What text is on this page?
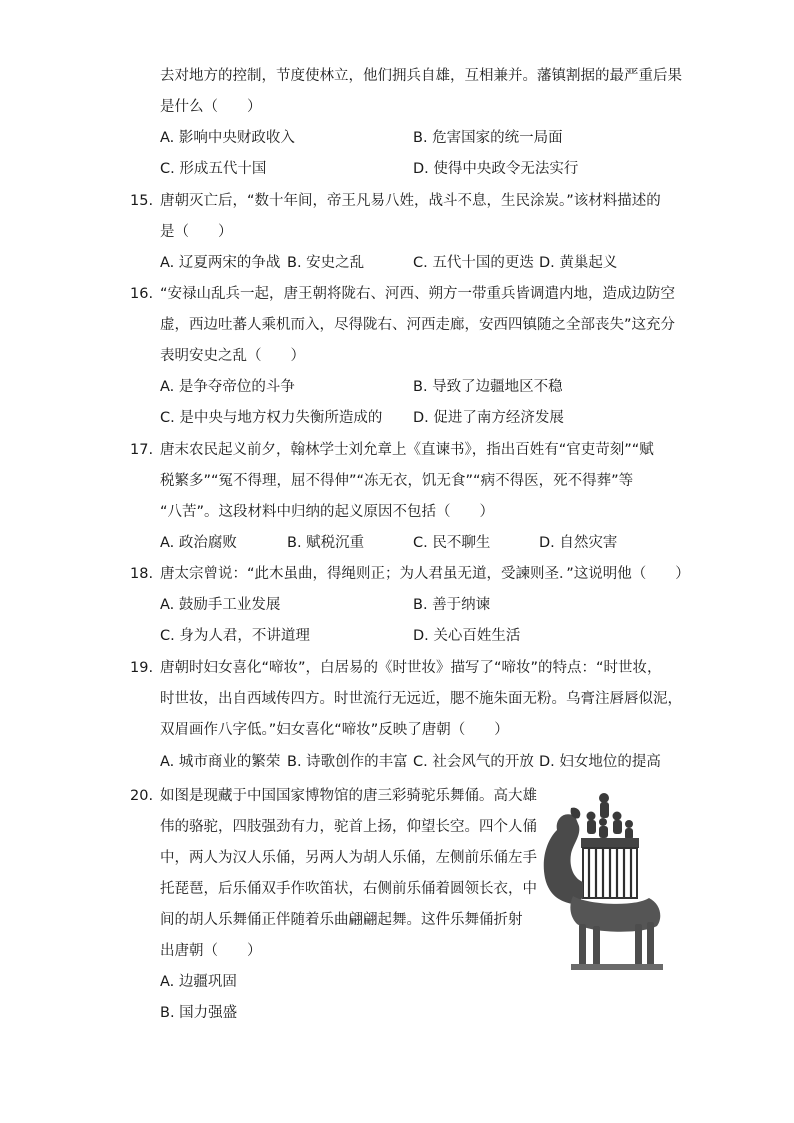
去对地方的控制，节度使林立，他们拥兵自雄，互相兼并。藩镇割据的最严重后果
是什么（　　）
A. 影响中央财政收入	B. 危害国家的统一局面
C. 形成五代十国	D. 使得中央政令无法实行
15. 唐朝灭亡后，“数十年间，帝王凡易八姓，战斗不息，生民涂炭。”该材料描述的
是（　　）
A. 辽夏两宋的争战 B. 安史之乱	C. 五代十国的更迭 D. 黄巢起义
16. “安禄山乱兵一起，唐王朝将陇右、河西、朔方一带重兵皆调遣内地，造成边防空
虚，西边吐蕃人乘机而入，尽得陇右、河西走廊，安西四镇随之全部丧失”这充分
表明安史之乱（　　）
A. 是争夺帝位的斗争	B. 导致了边疆地区不稳
C. 是中央与地方权力失衡所造成的 D. 促进了南方经济发展
17. 唐末农民起义前夕，翰林学士刘允章上《直谏书》，指出百姓有“官吏苛刻”“赋
税繁多”“冤不得理，屈不得伸”“冻无衣，饥无食”“病不得医，死不得葬”等
“八苦”。这段材料中归纳的起义原因不包括（　　）
A. 政治腐败	B. 赋税沉重	C. 民不聊生	D. 自然灾害
18. 唐太宗曾说：“此木虽曲，得绳则正；为人君虽无道，受諫则圣．”这说明他（　　）
A. 鼓励手工业发展	B. 善于纳谏
C. 身为人君，不讲道理	D. 关心百姓生活
19. 唐朝时妇女喜化“啼妆”，白居易的《时世妆》描写了“啼妆”的特点：“时世妆，
时世妆，出自西域传四方。时世流行无远近，腮不施朱面无粉。乌膏注唇唇似泥，
双眉画作八字低。”妇女喜化“啼妆”反映了唐朝（　　）
A. 城市商业的繁荣 B. 诗歌创作的丰富 C. 社会风气的开放 D. 妇女地位的提高
20. 如图是现藏于中国国家博物馆的唐三彩骑驼乐舞俑。高大雄
伟的骆驼，四肢强劲有力，驼首上扬，仰望长空。四个人俑
中，两人为汉人乐俑，另两人为胡人乐俑，左侧前乐俑左手
托琵琶，后乐俑双手作吹笛状，右侧前乐俑着圆领长衣，中
间的胡人乐舞俑正伴随着乐曲翩翩起舞。这件乐舞俑折射
出唐朝（　　）
A. 边疆巩固
B. 国力强盛
